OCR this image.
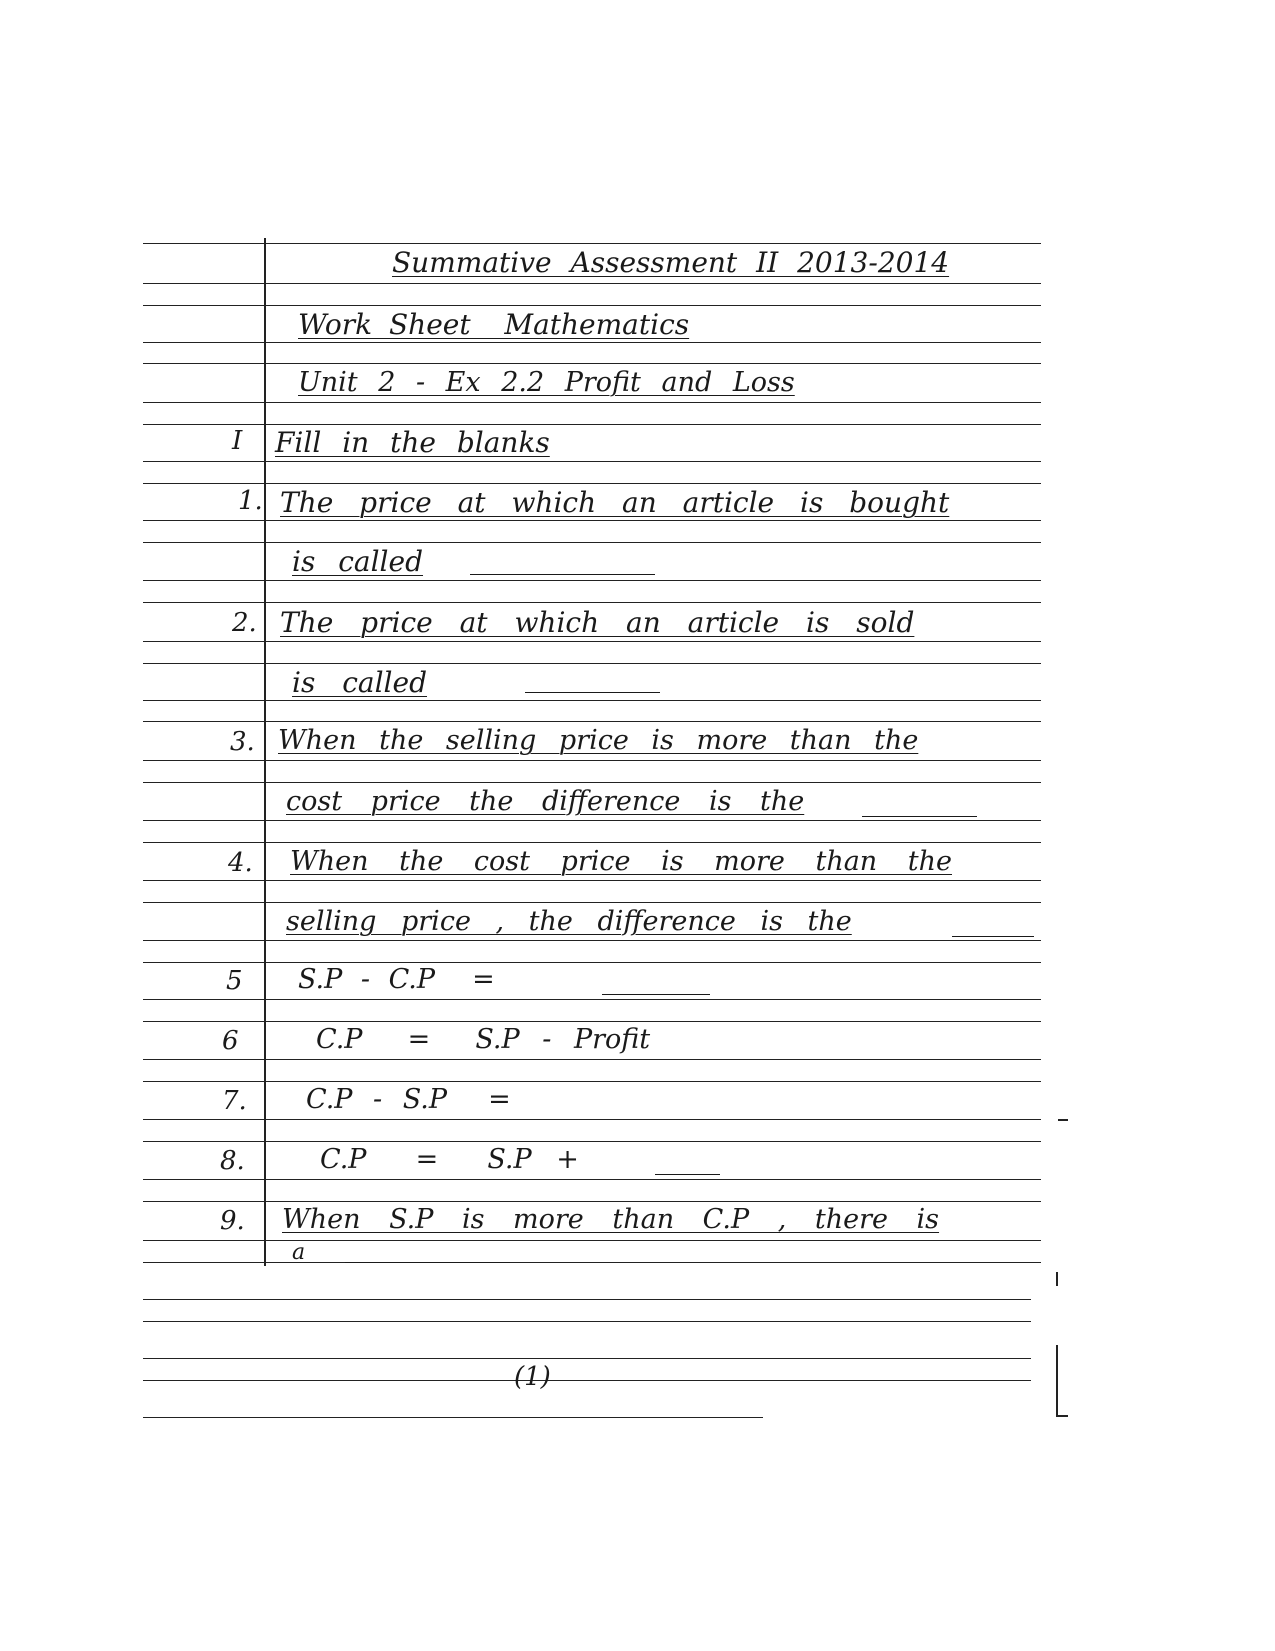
Summative Assessment II 2013-2014
Work Sheet  Mathematics
Unit 2 - Ex 2.2 Profit and Loss
I Fill in the blanks
1. The price at which an article is bought
is called
2. The price at which an article is sold
is called
3. When the selling price is more than the
cost price the difference is the
4. When the cost price is more than the
selling price , the difference is the
5 S.P - C.P  =
6	C.P  =  S.P - Profit
7. C.P - S.P  =
8.	C.P  =  S.P +
9. When S.P is more than C.P , there is
a
(1)
